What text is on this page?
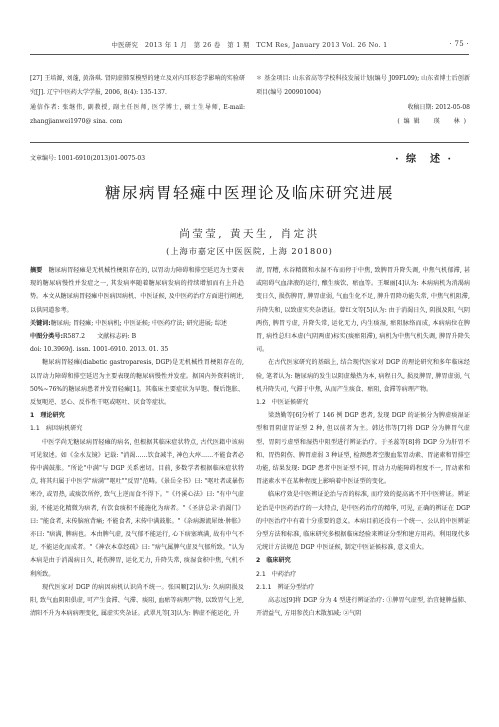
中医研究　2013 年 1 月　第 26 卷　第 1 期　TCM Res, January 2013 Vol. 26 No. 1	· 75 ·

[27] 王培源, 刘蓬, 黄洛琪. 肾阴虚肺泵模型的建立及对内耳形态学影响的实验研究[J]. 辽宁中医药大学学报, 2006, 8(4): 135-137.

通信作者: 张继伟, 副教授, 副主任医师, 医学博士, 硕士生导师, E-mail: zhangjianwei1970@ sina. com

＊ 基金项目: 山东省高等学校科技发展计划(编号 J09FL09); 山东省博士后创新项目(编号 200901004)

收稿日期: 2012-05-08

(编辑　瑛　林)

文章编号: 1001-6910(2013)01-0075-03	· 综　述 ·
糖尿病胃轻瘫中医理论及临床研究进展
尚莹莹, 黄天生, 肖定洪
(上海市嘉定区中医医院, 上海 201800)

摘要　 糖尿病胃轻瘫是无机械性梗阻存在的, 以胃动力障碍和排空延迟为主要表现的糖尿病慢性并发症之一, 其发病率随着糖尿病发病的持续增加而有上升趋势。本文从糖尿病胃轻瘫中医病因病机、中医证候, 及中医药治疗方面进行阐述, 以供同道参考。

关键词:糖尿病; 胃轻瘫; 中医病机; 中医证候; 中医药疗法; 研究进展; 综述

中图分类号:R587.2　　文献标志码: B

doi: 10.3969/j. issn. 1001-6910. 2013. 01. 35

糖尿病胃轻瘫(diabetic gastroparesis, DGP)是无机械性胃梗阻存在的, 以胃动力障碍和排空延迟为主要表现的糖尿病慢性并发症。据国内外资料统计, 50%~76%的糖尿病患者并发胃轻瘫[1]。其临床主要症状为早饱、餐后饱胀、反复呃逆、恶心、反作性干呕或呕吐、厌食等症状。

1　理论研究

1.1　病因病机研究

中医学尚无糖尿病胃轻瘫的病名, 但根据其临床症状特点, 古代医籍中该病可见叙述。如《金水友镜》记载: "消渴……饮食减半, 神色大瘁……不能食者必传中满鼓胀。"所论"中满"与 DGP 关系密切。目前, 多数学者根据临床症状特点, 将其归属于中医学"痞满""呕吐""反胃"范畴。《景岳全书》曰: "呕吐者或暴伤寒冷, 或胃热, 或痰饮所停, 致气上逆而食不得下。"《丹溪心法》曰: "有中气虚弱, 不能运化精微为痞者, 有饮食痰积不能施化为痞者。"《圣济总录·消渴门》曰: "能食者, 末传脑疽背痛; 不能食者, 末传中满鼓胀。"《杂病源流犀烛·肿胀》亦曰: "痞满, 脾病也。本由脾气虚, 及气郁不能运行, 心下痞塞填满, 故有中气不足, 不能运化而成者。"《神农本草经疏》曰: "痞气属脾气虚及气郁所致。"认为本病是由于消渴病日久, 耗伤脾胃, 运化无力, 升降失常, 痰湿食积中焦, 气机不利所致。

现代医家对 DGP 的病因病机认识尚不统一。张国顺[2]认为: 久病阴损及阳, 致气血阴阳俱虚, 可产生食滞、气滞、痰阻, 血瘀等病理产物, 以致胃气上逆, 清阳不升为本病病理变化, 属虚实夹杂证。武翠凡等[3]认为: 脾虚不能运化, 升

清, 胃糟, 水谷精微和水湿不布而停于中焦, 致脾胃升降失调, 中焦气机郁滞, 甚或阻碍气血津液的运行, 酿生痰饮、瘀血等。王堰丽[4]认为: 本病病机为消渴病变日久, 损伤脾胃, 脾胃虚弱, 气血生化不足, 脾升胃降功能失常, 中焦气机阻滞, 升降失和, 以致虚实夹杂诸证。曾红文等[5]认为: 由于消渴日久, 阴损及阳, 气阴两伤, 脾胃亏虚, 升降失常, 运化无力, 内生痰湿, 瘀阻脉络而成, 本病病位在脾胃, 病性总归本虚(气阴两虚)标实(痰瘀阻滞), 病机为中焦气机失调, 脾胃升降失司。

在古代医家研究的基础上, 结合现代医家对 DGP 的理论研究和多年临床经验, 笔者认为: 糖尿病的发生以阴虚燥热为本, 病程日久, 损及脾胃, 脾胃虚弱, 气机升降失司, 气滞于中焦, 从而产生痰食、瘀阻, 食滞等病理产物。

1.2　中医证候研究

梁劲勤等[6]分析了 146 例 DGP 患者, 发现 DGP 的证候分为脾虚痰湿证型和胃阴虚胃证型 2 种, 但以前者为主。韩达伟等[7]将 DGP 分为脾胃气虚型、胃阴亏虚型和湿热中阻型进行辨证治疗。于圣蕊等[8]将 DGP 分为肝胃不和、胃热阴伤、脾胃虚弱 3 种证型, 检测患者空腹血浆胃动素、胃泌素和胃排空功能, 结果发现: DGP 患者中医证型不同, 胃动力功能障碍程度不一, 胃动素和胃泌素水平在某种程度上影响着中医证型的变化。

临床疗效是中医辨证论治与否的标准, 而疗效的提高离不开中医辨证。辨证论治是中医药治疗的一大特点, 是中医药治疗的精华, 可见, 正确的辨证在 DGP 的中医治疗中有着十分重要的意义。本病目前还没有一个统一、公认的中医辨证分型方法和标准, 临床研究多根据临床经验来辨证分型和建方用药。利用现代多元统计方法规范 DGP 中医证候, 制定中医证候标准, 意义重大。

2　临床研究

2.1　中药治疗

2.1.1　辨证分型治疗

高志远[9]将 DGP 分为 4 型进行辨证治疗: ①脾胃气虚型, 治宜健脾益肺、开清益气, 方用参芪白术散加减; ②气阴
